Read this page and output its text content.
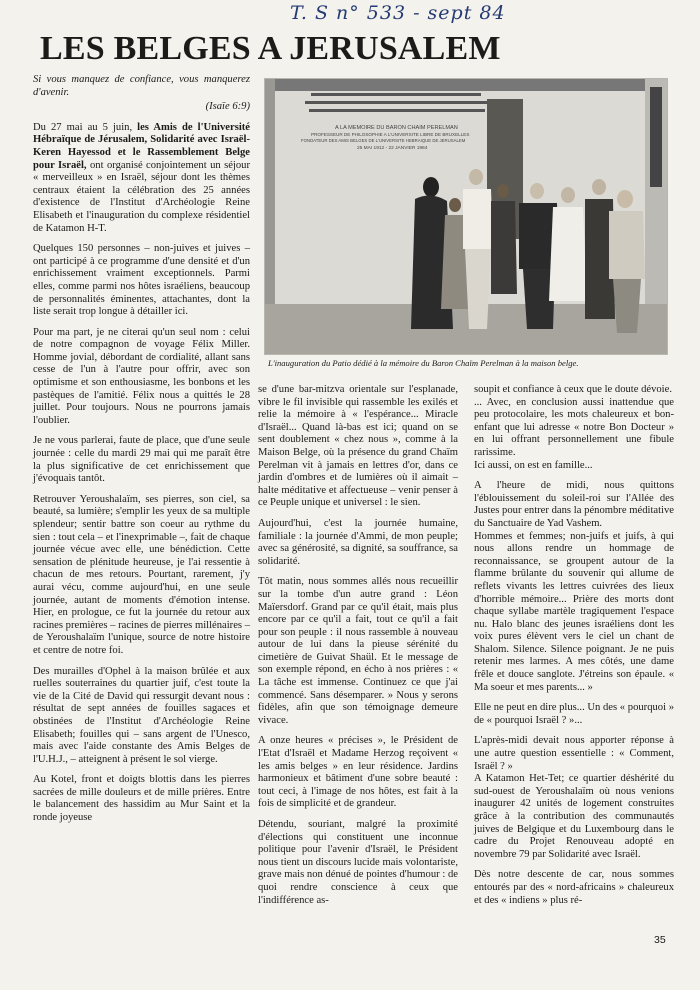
T. S n° 533 - sept 84
LES BELGES A JERUSALEM

Si vous manquez de confiance, vous manquerez d'avenir.

(Isaïe 6:9)

Du 27 mai au 5 juin, les Amis de l'Université Hébraïque de Jérusalem, Solidarité avec Israël-Keren Hayessod et le Rassemblement Belge pour Israël, ont organisé conjointement un séjour « merveilleux » en Israël, séjour dont les thèmes centraux étaient la célébration des 25 années d'existence de l'Institut d'Archéologie Reine Elisabeth et l'inauguration du complexe résidentiel de Katamon H-T.

Quelques 150 personnes – non-juives et juives – ont participé à ce programme d'une densité et d'un enrichissement vraiment exceptionnels. Parmi elles, comme parmi nos hôtes israéliens, beaucoup de personnalités éminentes, attachantes, dont la liste serait trop longue à détailler ici.

Pour ma part, je ne citerai qu'un seul nom : celui de notre compagnon de voyage Félix Miller. Homme jovial, débordant de cordialité, allant sans cesse de l'un à l'autre pour offrir, avec son optimisme et son enthousiasme, les bonbons et les pastèques de l'amitié. Félix nous a quittés le 28 juillet. Pour toujours. Nous ne pourrons jamais l'oublier.

Je ne vous parlerai, faute de place, que d'une seule journée : celle du mardi 29 mai qui me paraît être la plus significative de cet enrichissement que j'évoquais tantôt.

Retrouver Yeroushalaïm, ses pierres, son ciel, sa beauté, sa lumière; s'emplir les yeux de sa multiple splendeur; sentir battre son coeur au rythme du sien : tout cela – et l'inexprimable –, fait de chaque journée vécue avec elle, une bénédiction. Cette sensation de plénitude heureuse, je l'ai ressentie à chacun de mes retours. Pourtant, rarement, j'y aurai vécu, comme aujourd'hui, en une seule journée, autant de moments d'émotion intense. Hier, en prologue, ce fut la journée du retour aux racines premières – racines de pierres millénaires – de Yeroushalaïm l'unique, source de notre histoire et centre de notre foi.

Des murailles d'Ophel à la maison brûlée et aux ruelles souterraines du quartier juif, c'est toute la vie de la Cité de David qui ressurgit devant nous : résultat de sept années de fouilles sagaces et obstinées de l'Institut d'Archéologie Reine Elisabeth; fouilles qui – sans argent de l'Unesco, mais avec l'aide constante des Amis Belges de l'U.H.J., – atteignent à présent le sol vierge.

Au Kotel, front et doigts blottis dans les pierres sacrées de mille douleurs et de mille prières. Entre le balancement des hassidim au Mur Saint et la ronde joyeuse

A LA MEMOIRE DU BARON CHAIM PERELMAN
PROFESSEUR DE PHILOSOPHIE A L'UNIVERSITE LIBRE DE BRUXELLES
FONDATEUR DES AMIS BELGES DE L'UNIVERSITE HEBRAIQUE DE JERUSALEM
25 MAI 1912 - 22 JANVIER 1984
L'inauguration du Patio dédié à la mémoire du Baron Chaïm Perelman à la maison belge.

se d'une bar-mitzva orientale sur l'esplanade, vibre le fil invisible qui rassemble les exilés et relie la mémoire à « l'espérance... Miracle d'Israël... Quand là-bas est ici; quand on se sent doublement « chez nous », comme à la Maison Belge, où la présence du grand Chaïm Perelman vit à jamais en lettres d'or, dans ce jardin d'ombres et de lumières où il aimait – halte méditative et affectueuse – venir penser à ce Peuple unique et universel : le sien.

Aujourd'hui, c'est la journée humaine, familiale : la journée d'Ammi, de mon peuple; avec sa générosité, sa dignité, sa souffrance, sa solidarité.

Tôt matin, nous sommes allés nous recueillir sur la tombe d'un autre grand : Léon Maïersdorf. Grand par ce qu'il était, mais plus encore par ce qu'il a fait, tout ce qu'il a fait pour son peuple : il nous rassemble à nouveau autour de lui dans la pieuse sérénité du cimetière de Guivat Shaül. Et le message de son exemple répond, en écho à nos prières : « La tâche est immense. Continuez ce que j'ai commencé. Sans désemparer. » Nous y serons fidèles, afin que son témoignage demeure vivace.

A onze heures « précises », le Président de l'Etat d'Israël et Madame Herzog reçoivent « les amis belges » en leur résidence. Jardins harmonieux et bâtiment d'une sobre beauté : tout ceci, à l'image de nos hôtes, est fait à la fois de simplicité et de grandeur.

Détendu, souriant, malgré la proximité d'élections qui constituent une inconnue politique pour l'avenir d'Israël, le Président nous tient un discours lucide mais volontariste, grave mais non dénué de pointes d'humour : de quoi rendre conscience à ceux que l'indifférence as-

soupit et confiance à ceux que le doute dévoie.
... Avec, en conclusion aussi inattendue que peu protocolaire, les mots chaleureux et bon-enfant que lui adresse « notre Bon Docteur » en lui offrant personnellement une fibule rarissime.
Ici aussi, on est en famille...

A l'heure de midi, nous quittons l'éblouissement du soleil-roi sur l'Allée des Justes pour entrer dans la pénombre méditative du Sanctuaire de Yad Vashem.
Hommes et femmes; non-juifs et juifs, à qui nous allons rendre un hommage de reconnaissance, se groupent autour de la flamme brûlante du souvenir qui allume de reflets vivants les lettres cuivrées des lieux d'horrible mémoire... Prière des morts dont chaque syllabe martèle tragiquement l'espace nu. Halo blanc des jeunes israéliens dont les voix pures élèvent vers le ciel un chant de Shalom. Silence. Silence poignant. Je ne puis retenir mes larmes. A mes côtés, une dame frêle et douce sanglote. J'étreins son épaule. « Ma soeur et mes parents... »

Elle ne peut en dire plus... Un des « pourquoi » de « pourquoi Israël ? »...

L'après-midi devait nous apporter réponse à une autre question essentielle : « Comment, Israël ? »
A Katamon Het-Tet; ce quartier déshérité du sud-ouest de Yeroushalaïm où nous venions inaugurer 42 unités de logement construites grâce à la contribution des communautés juives de Belgique et du Luxembourg dans le cadre du Projet Renouveau adopté en novembre 79 par Solidarité avec Israël.

Dès notre descente de car, nous sommes entourés par des « nord-africains » chaleureux et des « indiens » plus ré-

35
